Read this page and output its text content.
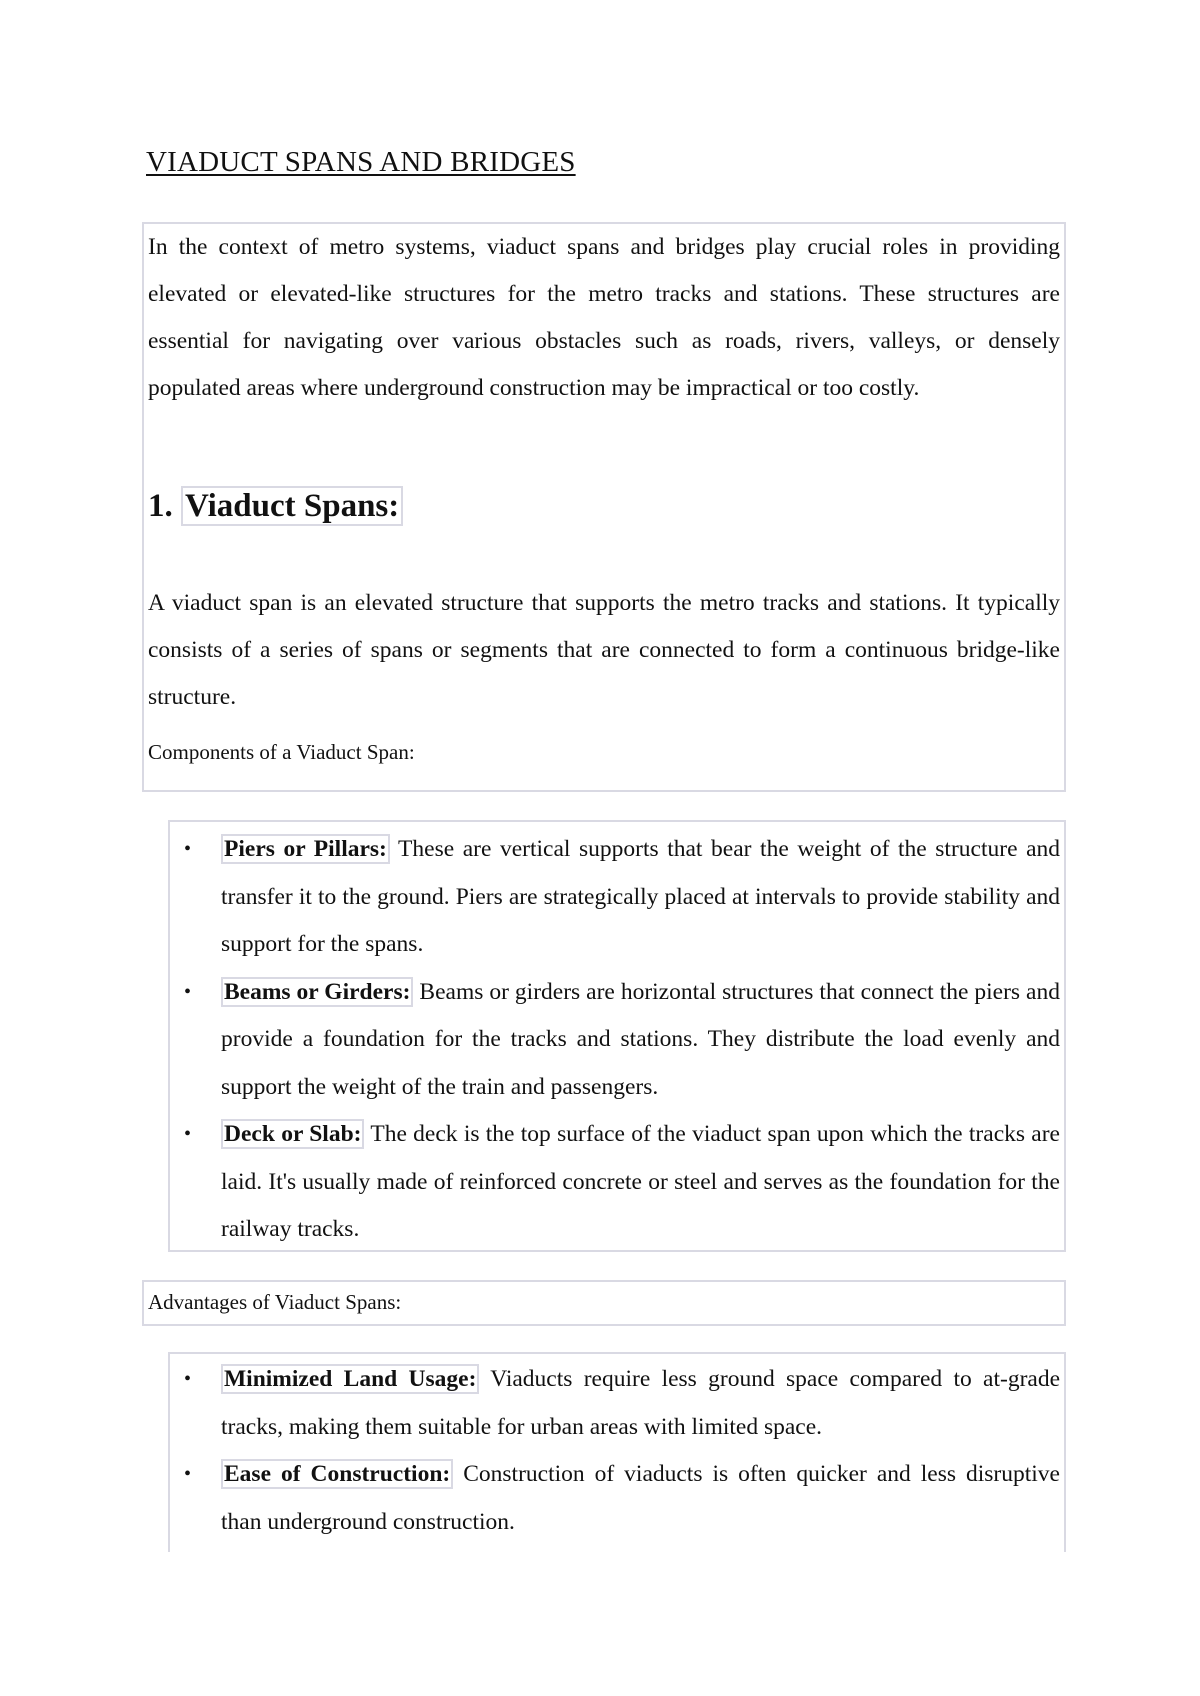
VIADUCT SPANS AND BRIDGES

In the context of metro systems, viaduct spans and bridges play crucial roles in providing elevated or elevated-like structures for the metro tracks and stations. These structures are essential for navigating over various obstacles such as roads, rivers, valleys, or densely populated areas where underground construction may be impractical or too costly.

1. Viaduct Spans:

A viaduct span is an elevated structure that supports the metro tracks and stations. It typically consists of a series of spans or segments that are connected to form a continuous bridge-like structure.

Components of a Viaduct Span:

• Piers or Pillars: These are vertical supports that bear the weight of the structure and transfer it to the ground. Piers are strategically placed at intervals to provide stability and support for the spans.
• Beams or Girders: Beams or girders are horizontal structures that connect the piers and provide a foundation for the tracks and stations. They distribute the load evenly and support the weight of the train and passengers.
• Deck or Slab: The deck is the top surface of the viaduct span upon which the tracks are laid. It's usually made of reinforced concrete or steel and serves as the foundation for the railway tracks.

Advantages of Viaduct Spans:

• Minimized Land Usage: Viaducts require less ground space compared to at-grade tracks, making them suitable for urban areas with limited space.
• Ease of Construction: Construction of viaducts is often quicker and less disruptive than underground construction.
